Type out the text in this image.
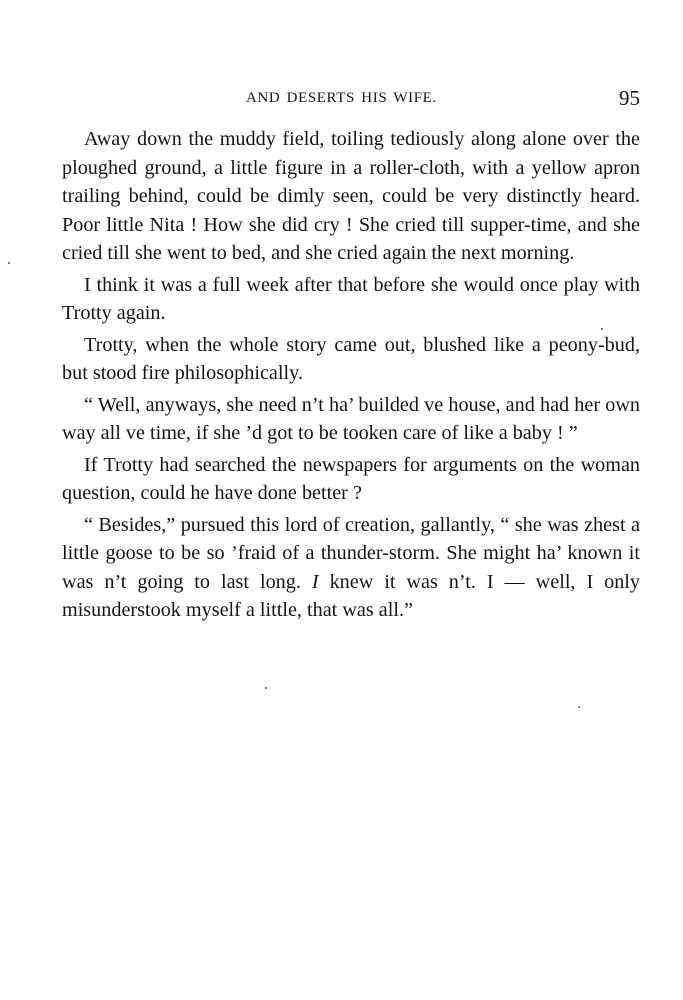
AND DESERTS HIS WIFE.	95

Away down the muddy field, toiling tediously along alone over the ploughed ground, a little figure in a roller-cloth, with a yellow apron trailing behind, could be dimly seen, could be very distinctly heard. Poor little Nita ! How she did cry ! She cried till supper-time, and she cried till she went to bed, and she cried again the next morning.

I think it was a full week after that before she would once play with Trotty again.

Trotty, when the whole story came out, blushed like a peony-bud, but stood fire philosophically.

“ Well, anyways, she need n’t ha’ builded ve house, and had her own way all ve time, if she ’d got to be tooken care of like a baby ! ”

If Trotty had searched the newspapers for arguments on the woman question, could he have done better ?

“ Besides,” pursued this lord of creation, gallantly, “ she was zhest a little goose to be so ’fraid of a thunder-storm. She might ha’ known it was n’t going to last long. I knew it was n’t. I — well, I only misunderstook myself a little, that was all.”
